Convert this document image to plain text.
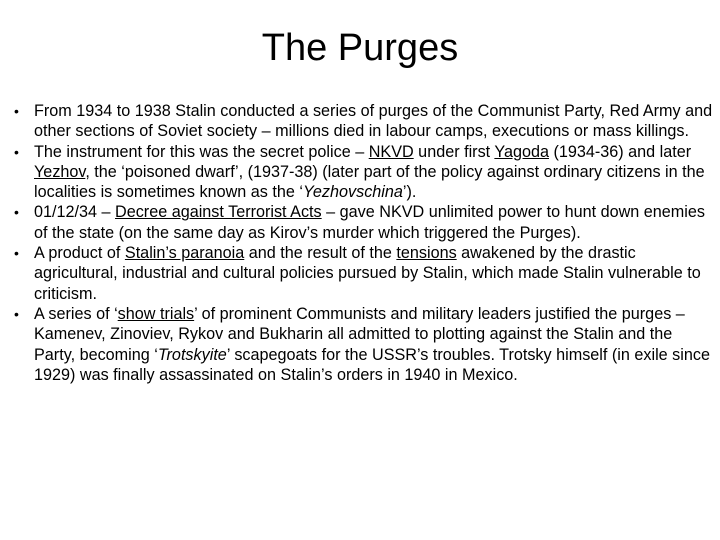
The Purges
• From 1934 to 1938 Stalin conducted a series of purges of the Communist Party, Red Army and other sections of Soviet society – millions died in labour camps, executions or mass killings.
• The instrument for this was the secret police – NKVD under first Yagoda (1934-36) and later Yezhov, the ‘poisoned dwarf’, (1937-38) (later part of the policy against ordinary citizens in the localities is sometimes known as the ‘Yezhovschina’).
• 01/12/34 – Decree against Terrorist Acts – gave NKVD unlimited power to hunt down enemies of the state (on the same day as Kirov’s murder which triggered the Purges).
• A product of Stalin’s paranoia and the result of the tensions awakened by the drastic agricultural, industrial and cultural policies pursued by Stalin, which made Stalin vulnerable to criticism.
• A series of ‘show trials’ of prominent Communists and military leaders justified the purges – Kamenev, Zinoviev, Rykov and Bukharin all admitted to plotting against the Stalin and the Party, becoming ‘Trotskyite’ scapegoats for the USSR’s troubles. Trotsky himself (in exile since 1929) was finally assassinated on Stalin’s orders in 1940 in Mexico.
